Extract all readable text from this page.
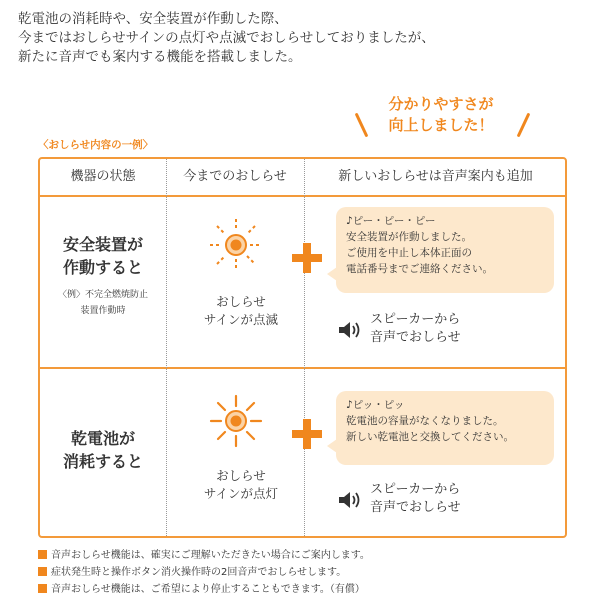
乾電池の消耗時や、安全装置が作動した際、
今まではおしらせサインの点灯や点滅でおしらせしておりましたが、
新たに音声でも案内する機能を搭載しました。
分かりやすさが
向上しました！
〈おしらせ内容の一例〉
機器の状態	今までのおしらせ	新しいおしらせは音声案内も追加
安全装置が
作動すると
〈例〉不完全燃焼防止
装置作動時
おしらせ
サインが点滅
♪ピー・ピー・ピー
安全装置が作動しました。
ご使用を中止し本体正面の
電話番号までご連絡ください。
スピーカーから
音声でおしらせ
乾電池が
消耗すると
おしらせ
サインが点灯
♪ピッ・ピッ
乾電池の容量がなくなりました。
新しい乾電池と交換してください。
スピーカーから
音声でおしらせ
音声おしらせ機能は、確実にご理解いただきたい場合にご案内します。
症状発生時と操作ボタン消火操作時の2回音声でおしらせします。
音声おしらせ機能は、ご希望により停止することもできます。（有償）
